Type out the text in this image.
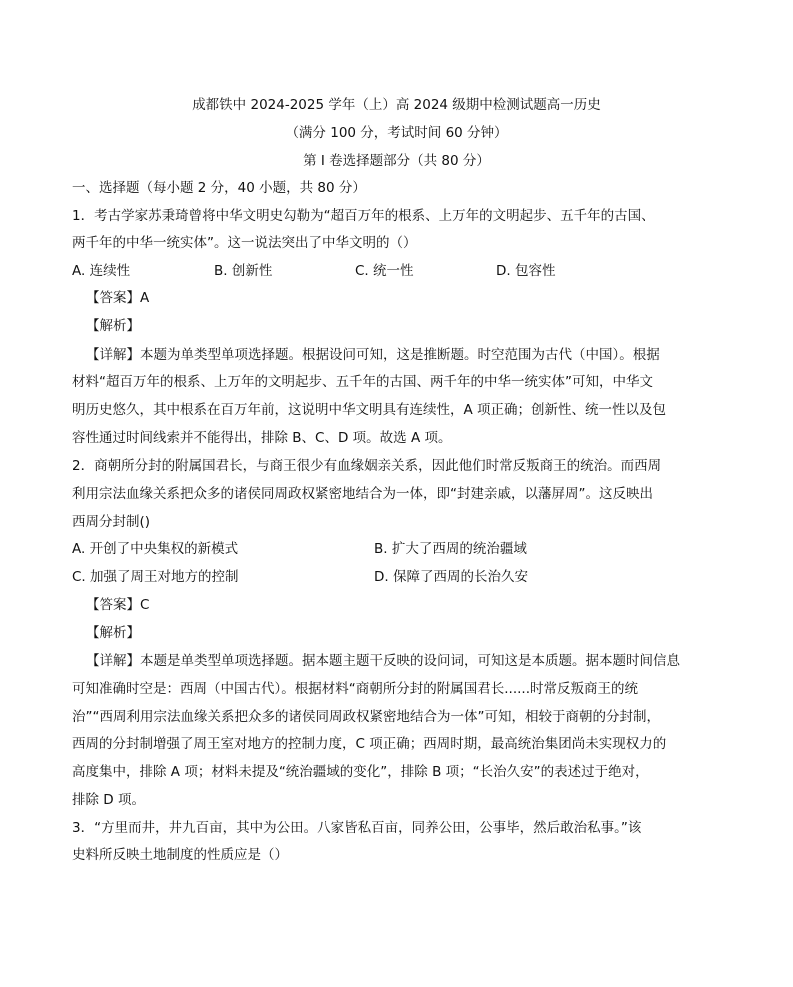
成都铁中 2024-2025 学年（上）高 2024 级期中检测试题高一历史
（满分 100 分，考试时间 60 分钟）
第 I 卷选择题部分（共 80 分）
一、选择题（每小题 2 分，40 小题，共 80 分）
1．考古学家苏秉琦曾将中华文明史勾勒为“超百万年的根系、上万年的文明起步、五千年的古国、
两千年的中华一统实体”。这一说法突出了中华文明的（）
A. 连续性	B. 创新性	C. 统一性	D. 包容性
【答案】A
【解析】
【详解】本题为单类型单项选择题。根据设问可知，这是推断题。时空范围为古代（中国）。根据
材料“超百万年的根系、上万年的文明起步、五千年的古国、两千年的中华一统实体”可知，中华文
明历史悠久，其中根系在百万年前，这说明中华文明具有连续性，A 项正确；创新性、统一性以及包
容性通过时间线索并不能得出，排除 B、C、D 项。故选 A 项。
2．商朝所分封的附属国君长，与商王很少有血缘姻亲关系，因此他们时常反叛商王的统治。而西周
利用宗法血缘关系把众多的诸侯同周政权紧密地结合为一体，即“封建亲戚，以藩屏周”。这反映出
西周分封制()
A. 开创了中央集权的新模式	B. 扩大了西周的统治疆域
C. 加强了周王对地方的控制	D. 保障了西周的长治久安
【答案】C
【解析】
【详解】本题是单类型单项选择题。据本题主题干反映的设问词，可知这是本质题。据本题时间信息
可知准确时空是：西周（中国古代）。根据材料“商朝所分封的附属国君长......时常反叛商王的统
治”“西周利用宗法血缘关系把众多的诸侯同周政权紧密地结合为一体”可知，相较于商朝的分封制，
西周的分封制增强了周王室对地方的控制力度，C 项正确；西周时期，最高统治集团尚未实现权力的
高度集中，排除 A 项；材料未提及“统治疆域的变化”，排除 B 项；“长治久安”的表述过于绝对，
排除 D 项。
3．“方里而井，井九百亩，其中为公田。八家皆私百亩，同养公田，公事毕，然后敢治私事。”该
史料所反映土地制度的性质应是（）
